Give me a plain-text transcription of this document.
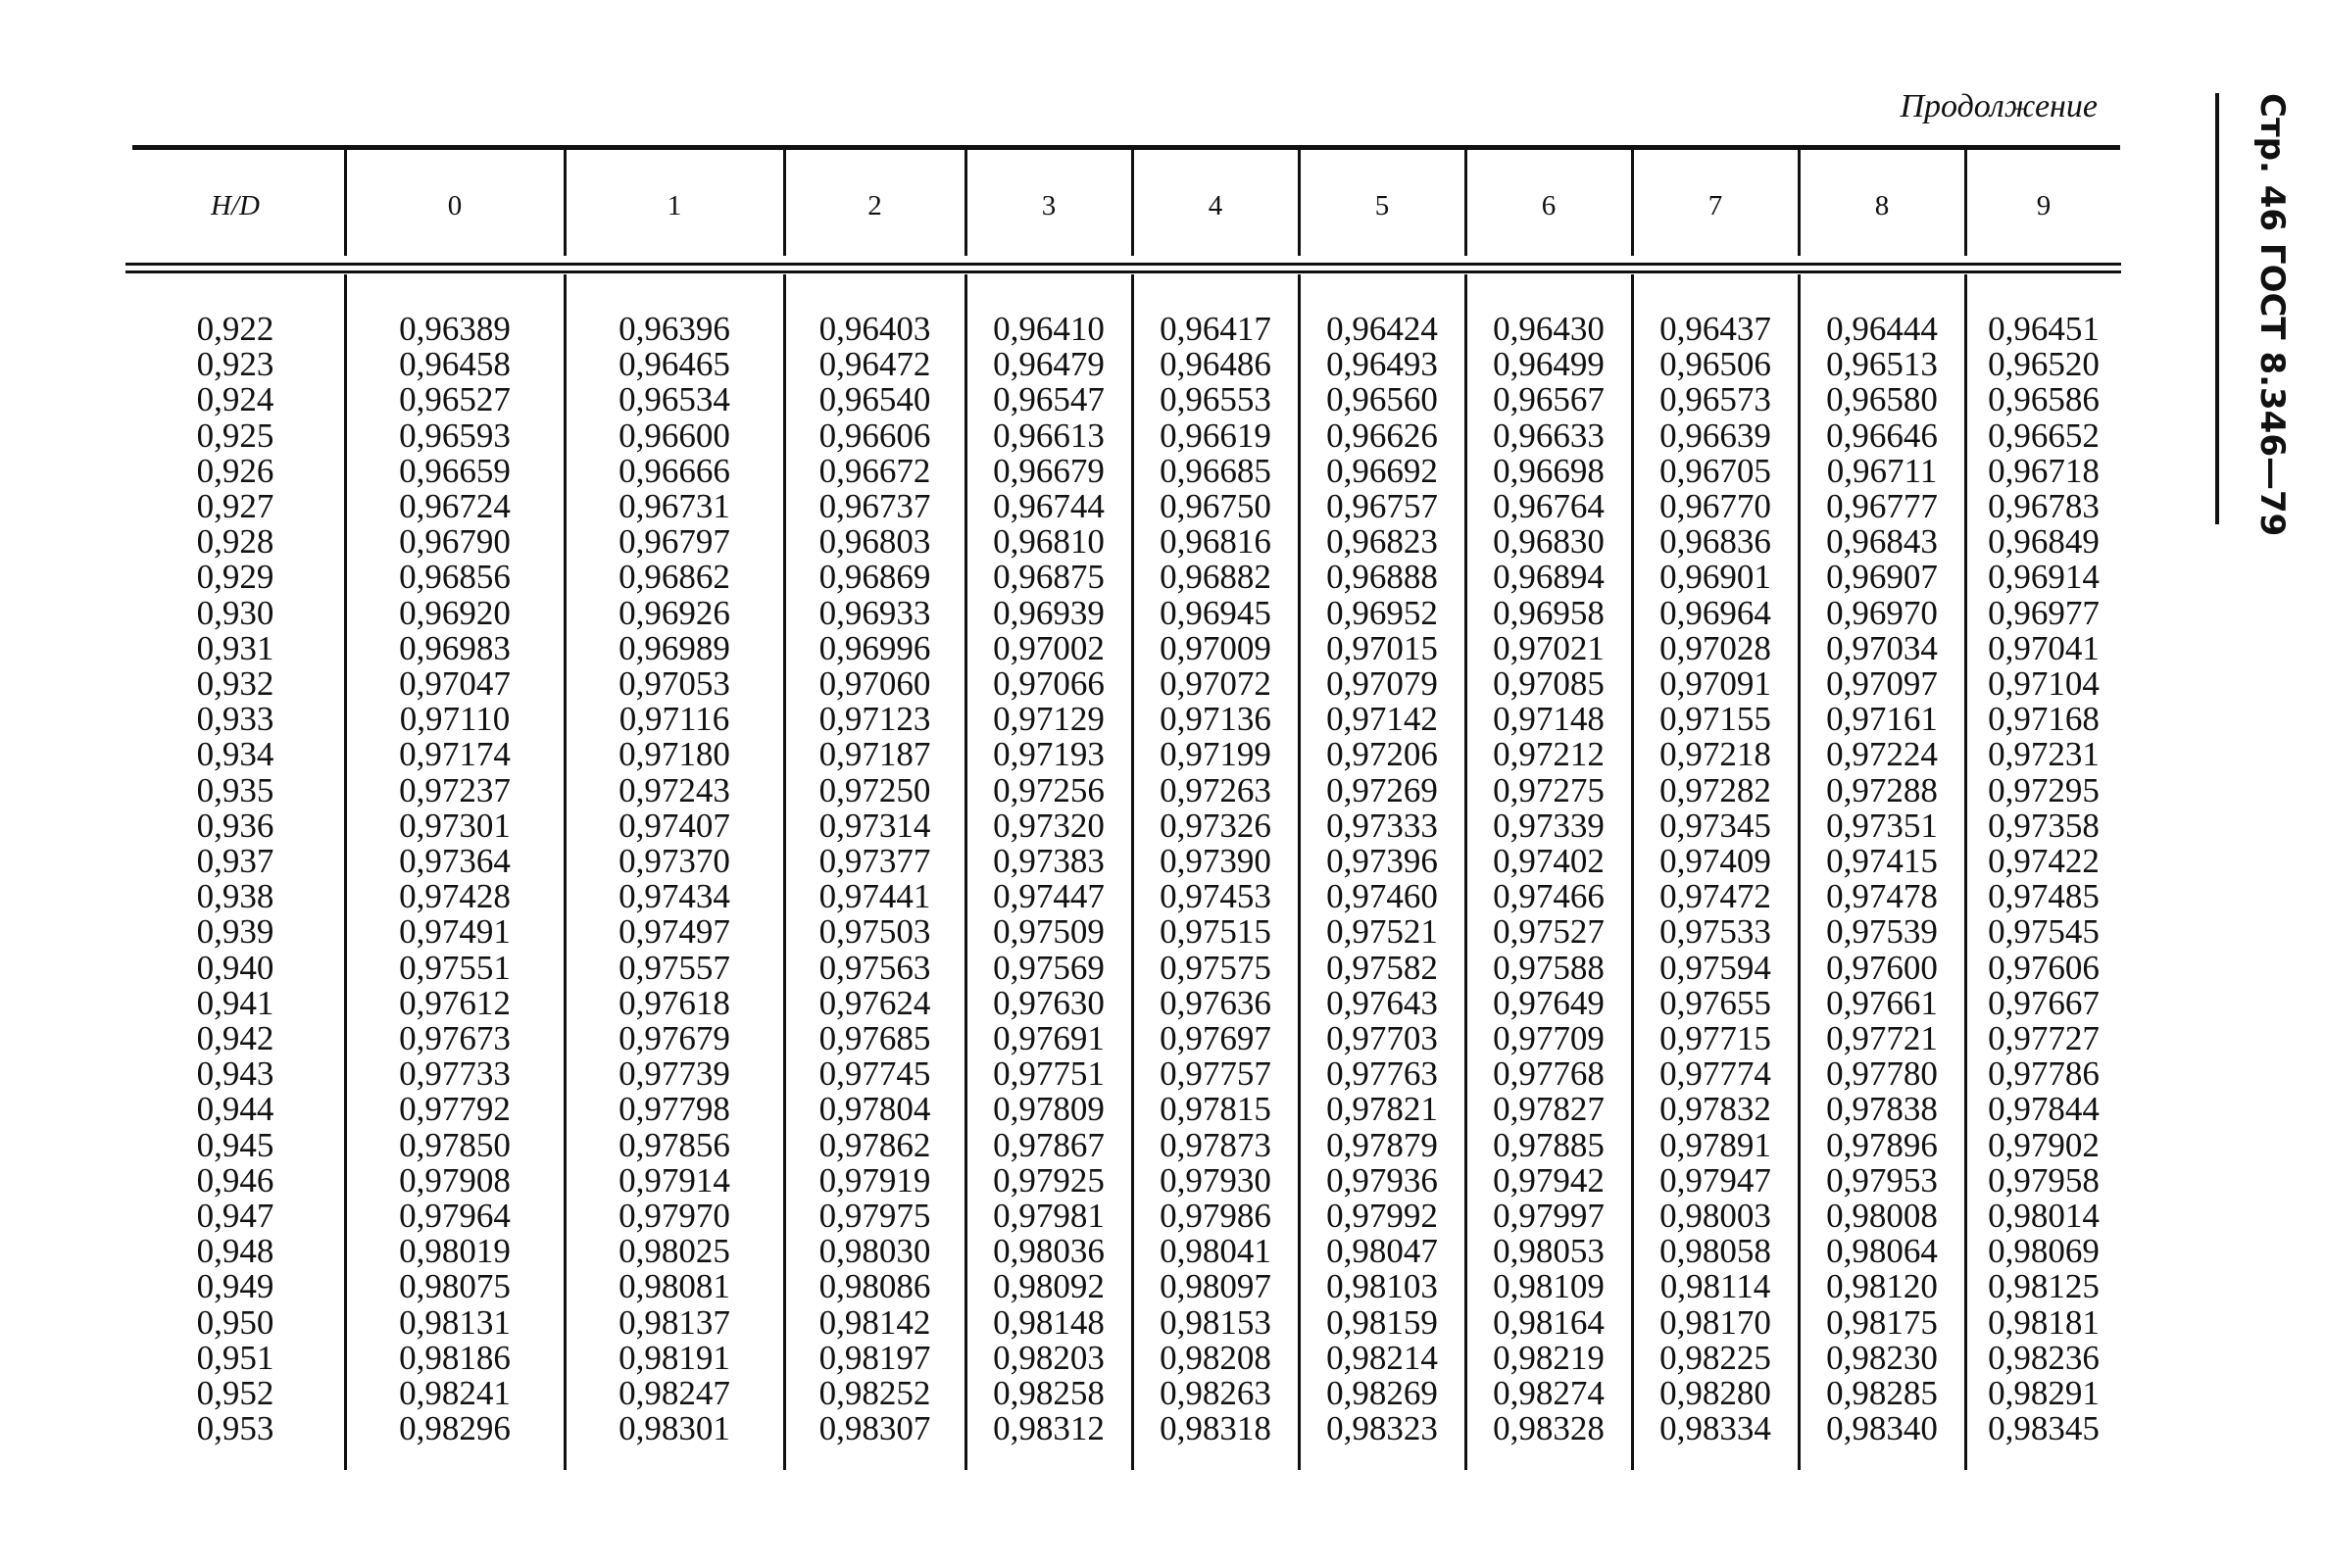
Продолжение	Стр. 46 ГОСТ 8.346—79
H/D	0	1	2	3	4	5	6	7	8	9
0,922	0,96389	0,96396	0,96403	0,96410	0,96417	0,96424	0,96430	0,96437	0,96444	0,96451
0,923	0,96458	0,96465	0,96472	0,96479	0,96486	0,96493	0,96499	0,96506	0,96513	0,96520
0,924	0,96527	0,96534	0,96540	0,96547	0,96553	0,96560	0,96567	0,96573	0,96580	0,96586
0,925	0,96593	0,96600	0,96606	0,96613	0,96619	0,96626	0,96633	0,96639	0,96646	0,96652
0,926	0,96659	0,96666	0,96672	0,96679	0,96685	0,96692	0,96698	0,96705	0,96711	0,96718
0,927	0,96724	0,96731	0,96737	0,96744	0,96750	0,96757	0,96764	0,96770	0,96777	0,96783
0,928	0,96790	0,96797	0,96803	0,96810	0,96816	0,96823	0,96830	0,96836	0,96843	0,96849
0,929	0,96856	0,96862	0,96869	0,96875	0,96882	0,96888	0,96894	0,96901	0,96907	0,96914
0,930	0,96920	0,96926	0,96933	0,96939	0,96945	0,96952	0,96958	0,96964	0,96970	0,96977
0,931	0,96983	0,96989	0,96996	0,97002	0,97009	0,97015	0,97021	0,97028	0,97034	0,97041
0,932	0,97047	0,97053	0,97060	0,97066	0,97072	0,97079	0,97085	0,97091	0,97097	0,97104
0,933	0,97110	0,97116	0,97123	0,97129	0,97136	0,97142	0,97148	0,97155	0,97161	0,97168
0,934	0,97174	0,97180	0,97187	0,97193	0,97199	0,97206	0,97212	0,97218	0,97224	0,97231
0,935	0,97237	0,97243	0,97250	0,97256	0,97263	0,97269	0,97275	0,97282	0,97288	0,97295
0,936	0,97301	0,97407	0,97314	0,97320	0,97326	0,97333	0,97339	0,97345	0,97351	0,97358
0,937	0,97364	0,97370	0,97377	0,97383	0,97390	0,97396	0,97402	0,97409	0,97415	0,97422
0,938	0,97428	0,97434	0,97441	0,97447	0,97453	0,97460	0,97466	0,97472	0,97478	0,97485
0,939	0,97491	0,97497	0,97503	0,97509	0,97515	0,97521	0,97527	0,97533	0,97539	0,97545
0,940	0,97551	0,97557	0,97563	0,97569	0,97575	0,97582	0,97588	0,97594	0,97600	0,97606
0,941	0,97612	0,97618	0,97624	0,97630	0,97636	0,97643	0,97649	0,97655	0,97661	0,97667
0,942	0,97673	0,97679	0,97685	0,97691	0,97697	0,97703	0,97709	0,97715	0,97721	0,97727
0,943	0,97733	0,97739	0,97745	0,97751	0,97757	0,97763	0,97768	0,97774	0,97780	0,97786
0,944	0,97792	0,97798	0,97804	0,97809	0,97815	0,97821	0,97827	0,97832	0,97838	0,97844
0,945	0,97850	0,97856	0,97862	0,97867	0,97873	0,97879	0,97885	0,97891	0,97896	0,97902
0,946	0,97908	0,97914	0,97919	0,97925	0,97930	0,97936	0,97942	0,97947	0,97953	0,97958
0,947	0,97964	0,97970	0,97975	0,97981	0,97986	0,97992	0,97997	0,98003	0,98008	0,98014
0,948	0,98019	0,98025	0,98030	0,98036	0,98041	0,98047	0,98053	0,98058	0,98064	0,98069
0,949	0,98075	0,98081	0,98086	0,98092	0,98097	0,98103	0,98109	0,98114	0,98120	0,98125
0,950	0,98131	0,98137	0,98142	0,98148	0,98153	0,98159	0,98164	0,98170	0,98175	0,98181
0,951	0,98186	0,98191	0,98197	0,98203	0,98208	0,98214	0,98219	0,98225	0,98230	0,98236
0,952	0,98241	0,98247	0,98252	0,98258	0,98263	0,98269	0,98274	0,98280	0,98285	0,98291
0,953	0,98296	0,98301	0,98307	0,98312	0,98318	0,98323	0,98328	0,98334	0,98340	0,98345
